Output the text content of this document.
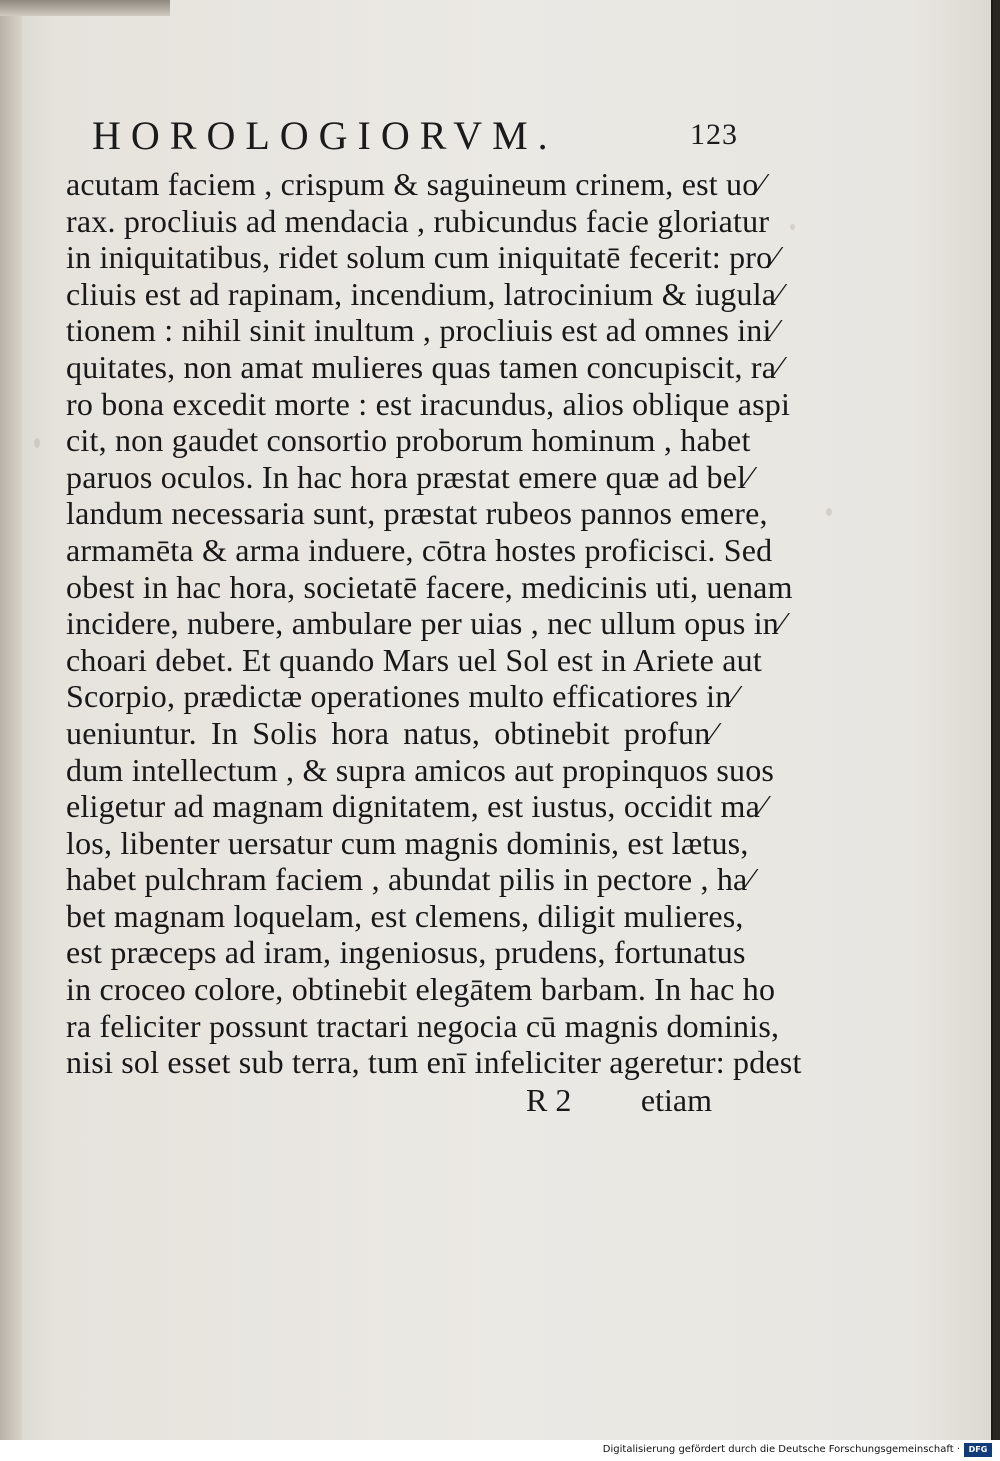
HOROLOGIORVM.	123
acutam faciem , crispum & saguineum crinem, est uo⁄
rax. procliuis ad mendacia , rubicundus facie gloriatur
in iniquitatibus, ridet solum cum iniquitatē fecerit: pro⁄
cliuis est ad rapinam, incendium, latrocinium & iugula⁄
tionem : nihil sinit inultum , procliuis est ad omnes ini⁄
quitates, non amat mulieres quas tamen concupiscit, ra⁄
ro bona excedit morte : est iracundus, alios oblique aspi
cit, non gaudet consortio proborum hominum , habet
paruos oculos. In hac hora præstat emere quæ ad bel⁄
landum necessaria sunt, præstat rubeos pannos emere,
armamēta & arma induere, cōtra hostes proficisci. Sed
obest in hac hora, societatē facere, medicinis uti, uenam
incidere, nubere, ambulare per uias , nec ullum opus in⁄
choari debet. Et quando Mars uel Sol est in Ariete aut
Scorpio, prædictæ operationes multo efficatiores in⁄
ueniuntur. In Solis hora natus, obtinebit profun⁄
dum intellectum , & supra amicos aut propinquos suos
eligetur ad magnam dignitatem, est iustus, occidit ma⁄
los, libenter uersatur cum magnis dominis, est lætus,
habet pulchram faciem , abundat pilis in pectore , ha⁄
bet magnam loquelam, est clemens, diligit mulieres,
est præceps ad iram, ingeniosus, prudens, fortunatus
in croceo colore, obtinebit elegātem barbam. In hac ho
ra feliciter possunt tractari negocia cū magnis dominis,
nisi sol esset sub terra, tum enī infeliciter ageretur: pdest
R 2 etiam
Digitalisierung gefördert durch die Deutsche Forschungsgemeinschaft ·	DFG
